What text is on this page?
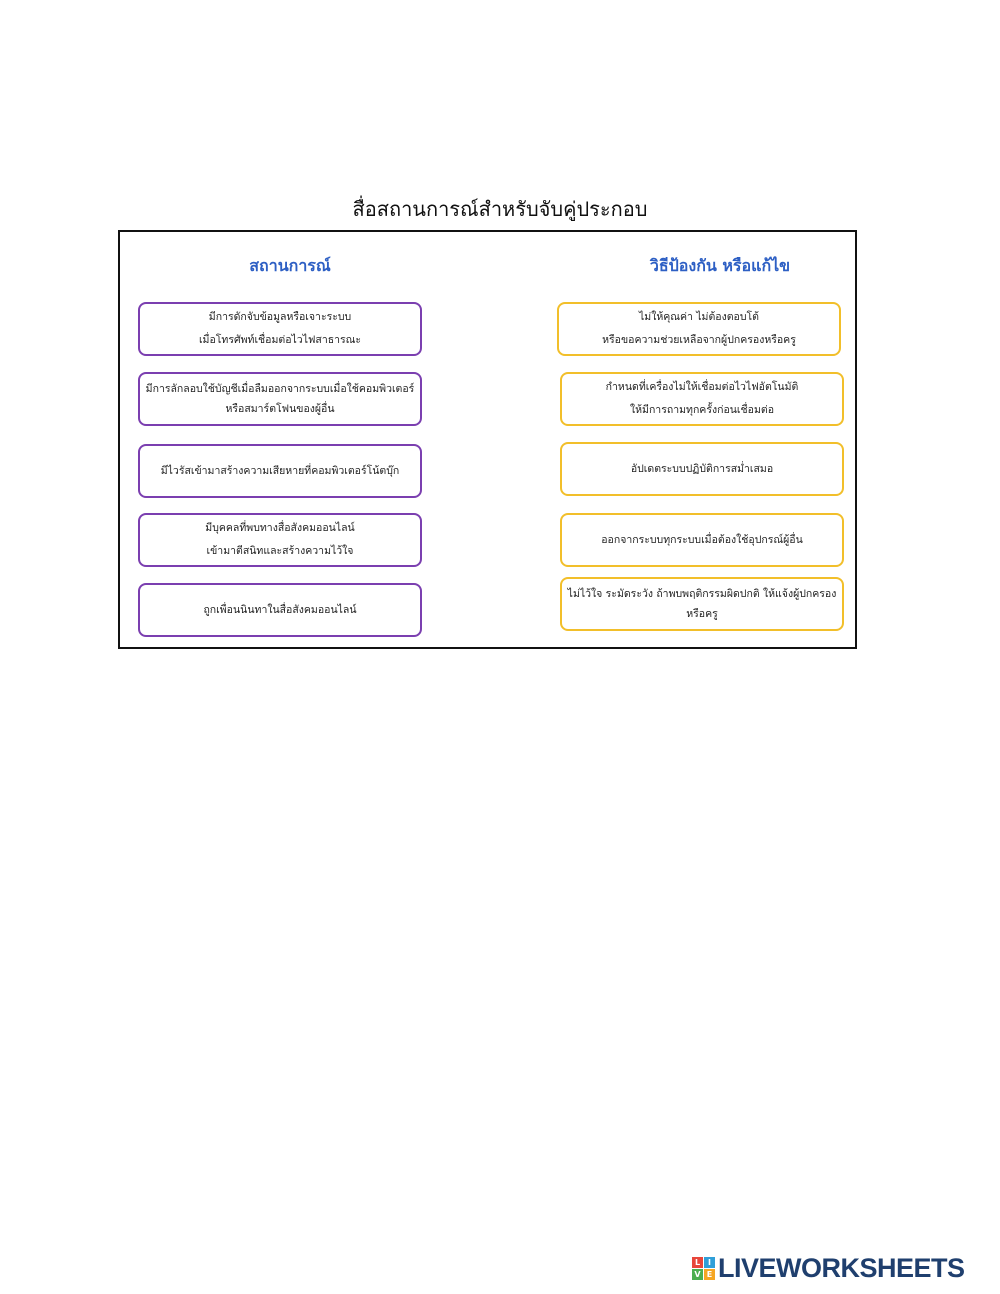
สื่อสถานการณ์สำหรับจับคู่ประกอบ
สถานการณ์	วิธีป้องกัน หรือแก้ไข
มีการดักจับข้อมูลหรือเจาะระบบ
เมื่อโทรศัพท์เชื่อมต่อไวไฟสาธารณะ
มีการลักลอบใช้บัญชีเมื่อลืมออกจากระบบเมื่อใช้คอมพิวเตอร์
หรือสมาร์ตโฟนของผู้อื่น
มีไวรัสเข้ามาสร้างความเสียหายที่คอมพิวเตอร์โน้ตบุ๊ก
มีบุคคลที่พบทางสื่อสังคมออนไลน์
เข้ามาตีสนิทและสร้างความไว้ใจ
ถูกเพื่อนนินทาในสื่อสังคมออนไลน์
ไม่ให้คุณค่า ไม่ต้องตอบโต้
หรือขอความช่วยเหลือจากผู้ปกครองหรือครู
กำหนดที่เครื่องไม่ให้เชื่อมต่อไวไฟอัตโนมัติ
ให้มีการถามทุกครั้งก่อนเชื่อมต่อ
อัปเดตระบบปฏิบัติการสม่ำเสมอ
ออกจากระบบทุกระบบเมื่อต้องใช้อุปกรณ์ผู้อื่น
ไม่ไว้ใจ ระมัดระวัง ถ้าพบพฤติกรรมผิดปกติ ให้แจ้งผู้ปกครอง
หรือครู
L I
V E LIVEWORKSHEETS
